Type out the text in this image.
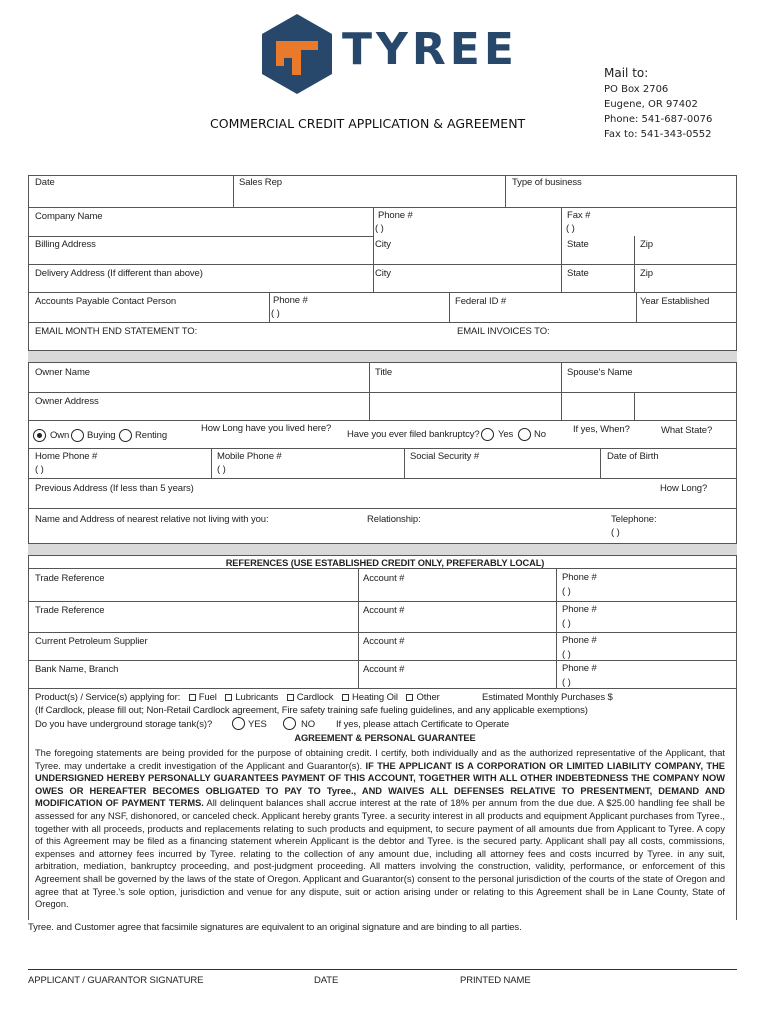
TYREE	Mail to:
PO Box 2706
Eugene, OR 97402
Phone: 541-687-0076
Fax to: 541-343-0552
COMMERCIAL CREDIT APPLICATION & AGREEMENT
Date	Sales Rep	Type of business
Company Name	Phone #
( )
Fax #
( )
Billing Address	City	State	Zip
Delivery Address (If different than above)	City	State	Zip
Accounts Payable Contact Person	Phone #
( )
Federal ID #	Year Established
EMAIL MONTH END STATEMENT TO:	EMAIL INVOICES TO:
Owner Name	Title	Spouse's Name
Owner Address
Own Buying Renting
How Long have you lived here?
Have you ever filed bankruptcy? Yes No	If yes, When?	What State?
Home Phone #
( )
Mobile Phone #
( )
Social Security #	Date of Birth
Previous Address (If less than 5 years)	How Long?
Name and Address of nearest relative not living with you:	Relationship:	Telephone:
( )
REFERENCES (USE ESTABLISHED CREDIT ONLY, PREFERABLY LOCAL)
Trade Reference	Account #	Phone #
( )
Trade Reference	Account #	Phone #
( )
Current Petroleum Supplier	Account #	Phone #
( )
Bank Name, Branch	Account #	Phone #
( )
Product(s) / Service(s) applying for: Fuel Lubricants Cardlock Heating Oil Other	Estimated Monthly Purchases $
(If Cardlock, please fill out; Non-Retail Cardlock agreement, Fire safety training safe fueling guidelines, and any applicable exemptions)
Do you have underground storage tank(s)?	YES	NO If yes, please attach Certificate to Operate
AGREEMENT & PERSONAL GUARANTEE
The foregoing statements are being provided for the purpose of obtaining credit. I certify, both individually and as the authorized representative of the Applicant, that Tyree. may undertake a credit investigation of the Applicant and Guarantor(s). IF THE APPLICANT IS A CORPORATION OR LIMITED LIABILITY COMPANY, THE UNDERSIGNED HEREBY PERSONALLY GUARANTEES PAYMENT OF THIS ACCOUNT, TOGETHER WITH ALL OTHER INDEBTEDNESS THE COMPANY NOW OWES OR HEREAFTER BECOMES OBLIGATED TO PAY TO Tyree., AND WAIVES ALL DEFENSES RELATIVE TO PRESENTMENT, DEMAND AND MODIFICATION OF PAYMENT TERMS. All delinquent balances shall accrue interest at the rate of 18% per annum from the due due. A $25.00 handling fee shall be assessed for any NSF, dishonored, or canceled check. Applicant hereby grants Tyree. a security interest in all products and equipment Applicant purchases from Tyree., together with all proceeds, products and replacements relating to such products and equipment, to secure payment of all amounts due from Applicant to Tyree. A copy of this Agreement may be filed as a financing statement wherein Applicant is the debtor and Tyree. is the secured party. Applicant shall pay all costs, commissions, expenses and attorney fees incurred by Tyree. relating to the collection of any amount due, including all attorney fees and costs incurred by Tyree. in any suit, arbitration, mediation, bankruptcy proceeding, and post-judgment proceeding. All matters involving the construction, validity, performance, or enforcement of this Agreement shall be governed by the laws of the state of Oregon. Applicant and Guarantor(s) consent to the personal jurisdiction of the courts of the state of Oregon and agree that at Tyree.'s sole option, jurisdiction and venue for any dispute, suit or action arising under or relating to this Agreement shall be in Lane County, State of Oregon.
Tyree. and Customer agree that facsimile signatures are equivalent to an original signature and are binding to all parties.
APPLICANT / GUARANTOR SIGNATURE	DATE	PRINTED NAME
